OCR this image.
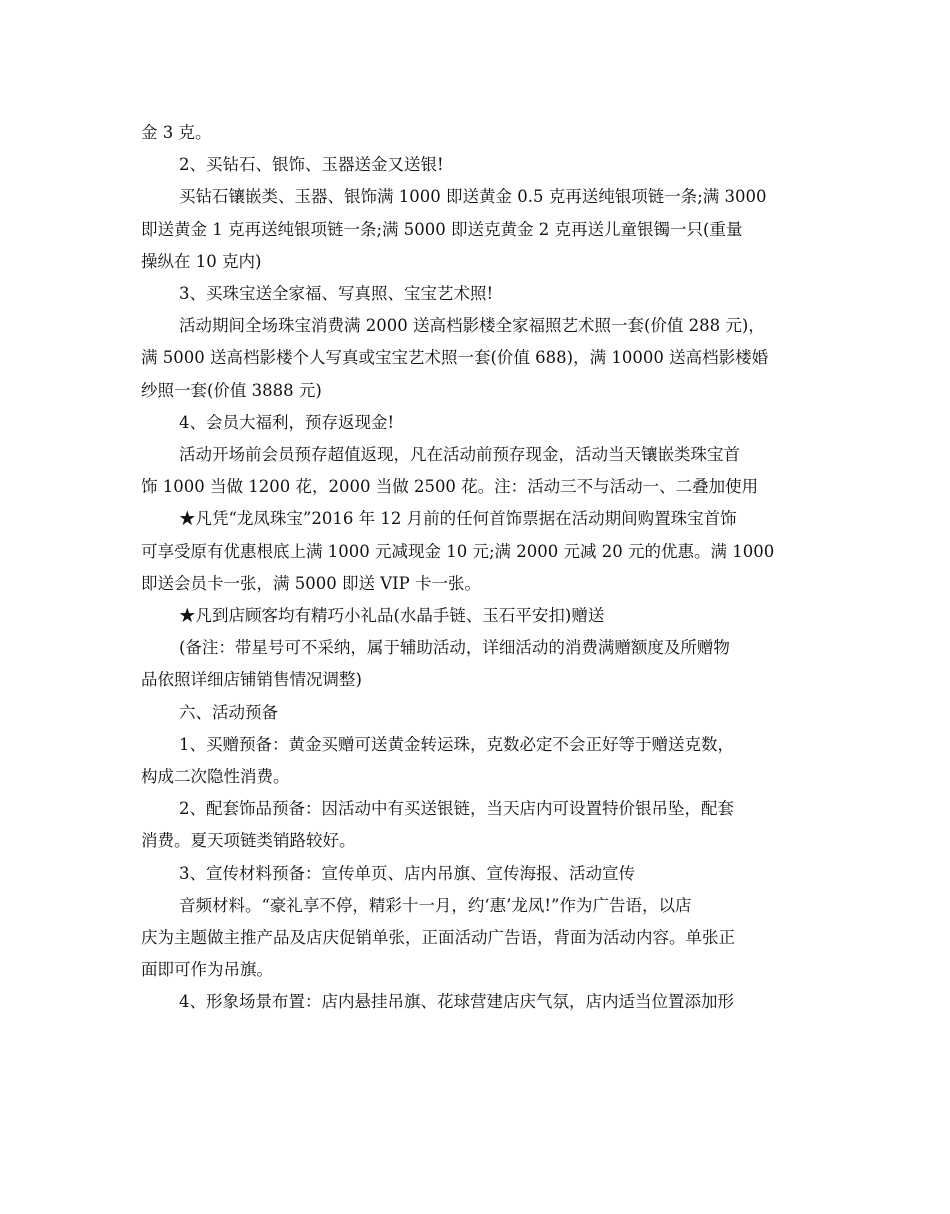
金 3 克。

2、买钻石、银饰、玉器送金又送银!

买钻石镶嵌类、玉器、银饰满 1000 即送黄金 0.5 克再送纯银项链一条;满 3000

即送黄金 1 克再送纯银项链一条;满 5000 即送克黄金 2 克再送儿童银镯一只(重量

操纵在 10 克内)

3、买珠宝送全家福、写真照、宝宝艺术照!

活动期间全场珠宝消费满 2000 送高档影楼全家福照艺术照一套(价值 288 元)，

满 5000 送高档影楼个人写真或宝宝艺术照一套(价值 688)，满 10000 送高档影楼婚

纱照一套(价值 3888 元)

4、会员大福利，预存返现金!

活动开场前会员预存超值返现，凡在活动前预存现金，活动当天镶嵌类珠宝首

饰 1000 当做 1200 花，2000 当做 2500 花。注：活动三不与活动一、二叠加使用

★凡凭“龙凤珠宝”2016 年 12 月前的任何首饰票据在活动期间购置珠宝首饰

可享受原有优惠根底上满 1000 元减现金 10 元;满 2000 元减 20 元的优惠。满 1000

即送会员卡一张，满 5000 即送 VIP 卡一张。

★凡到店顾客均有精巧小礼品(水晶手链、玉石平安扣)赠送

(备注：带星号可不采纳，属于辅助活动，详细活动的消费满赠额度及所赠物

品依照详细店铺销售情况调整)

六、活动预备

1、买赠预备：黄金买赠可送黄金转运珠，克数必定不会正好等于赠送克数，

构成二次隐性消费。

2、配套饰品预备：因活动中有买送银链，当天店内可设置特价银吊坠，配套

消费。夏天项链类销路较好。

3、宣传材料预备：宣传单页、店内吊旗、宣传海报、活动宣传

音频材料。“豪礼享不停，精彩十一月，约‘惠’龙凤!”作为广告语，以店

庆为主题做主推产品及店庆促销单张，正面活动广告语，背面为活动内容。单张正

面即可作为吊旗。

4、形象场景布置：店内悬挂吊旗、花球营建店庆气氛，店内适当位置添加形
